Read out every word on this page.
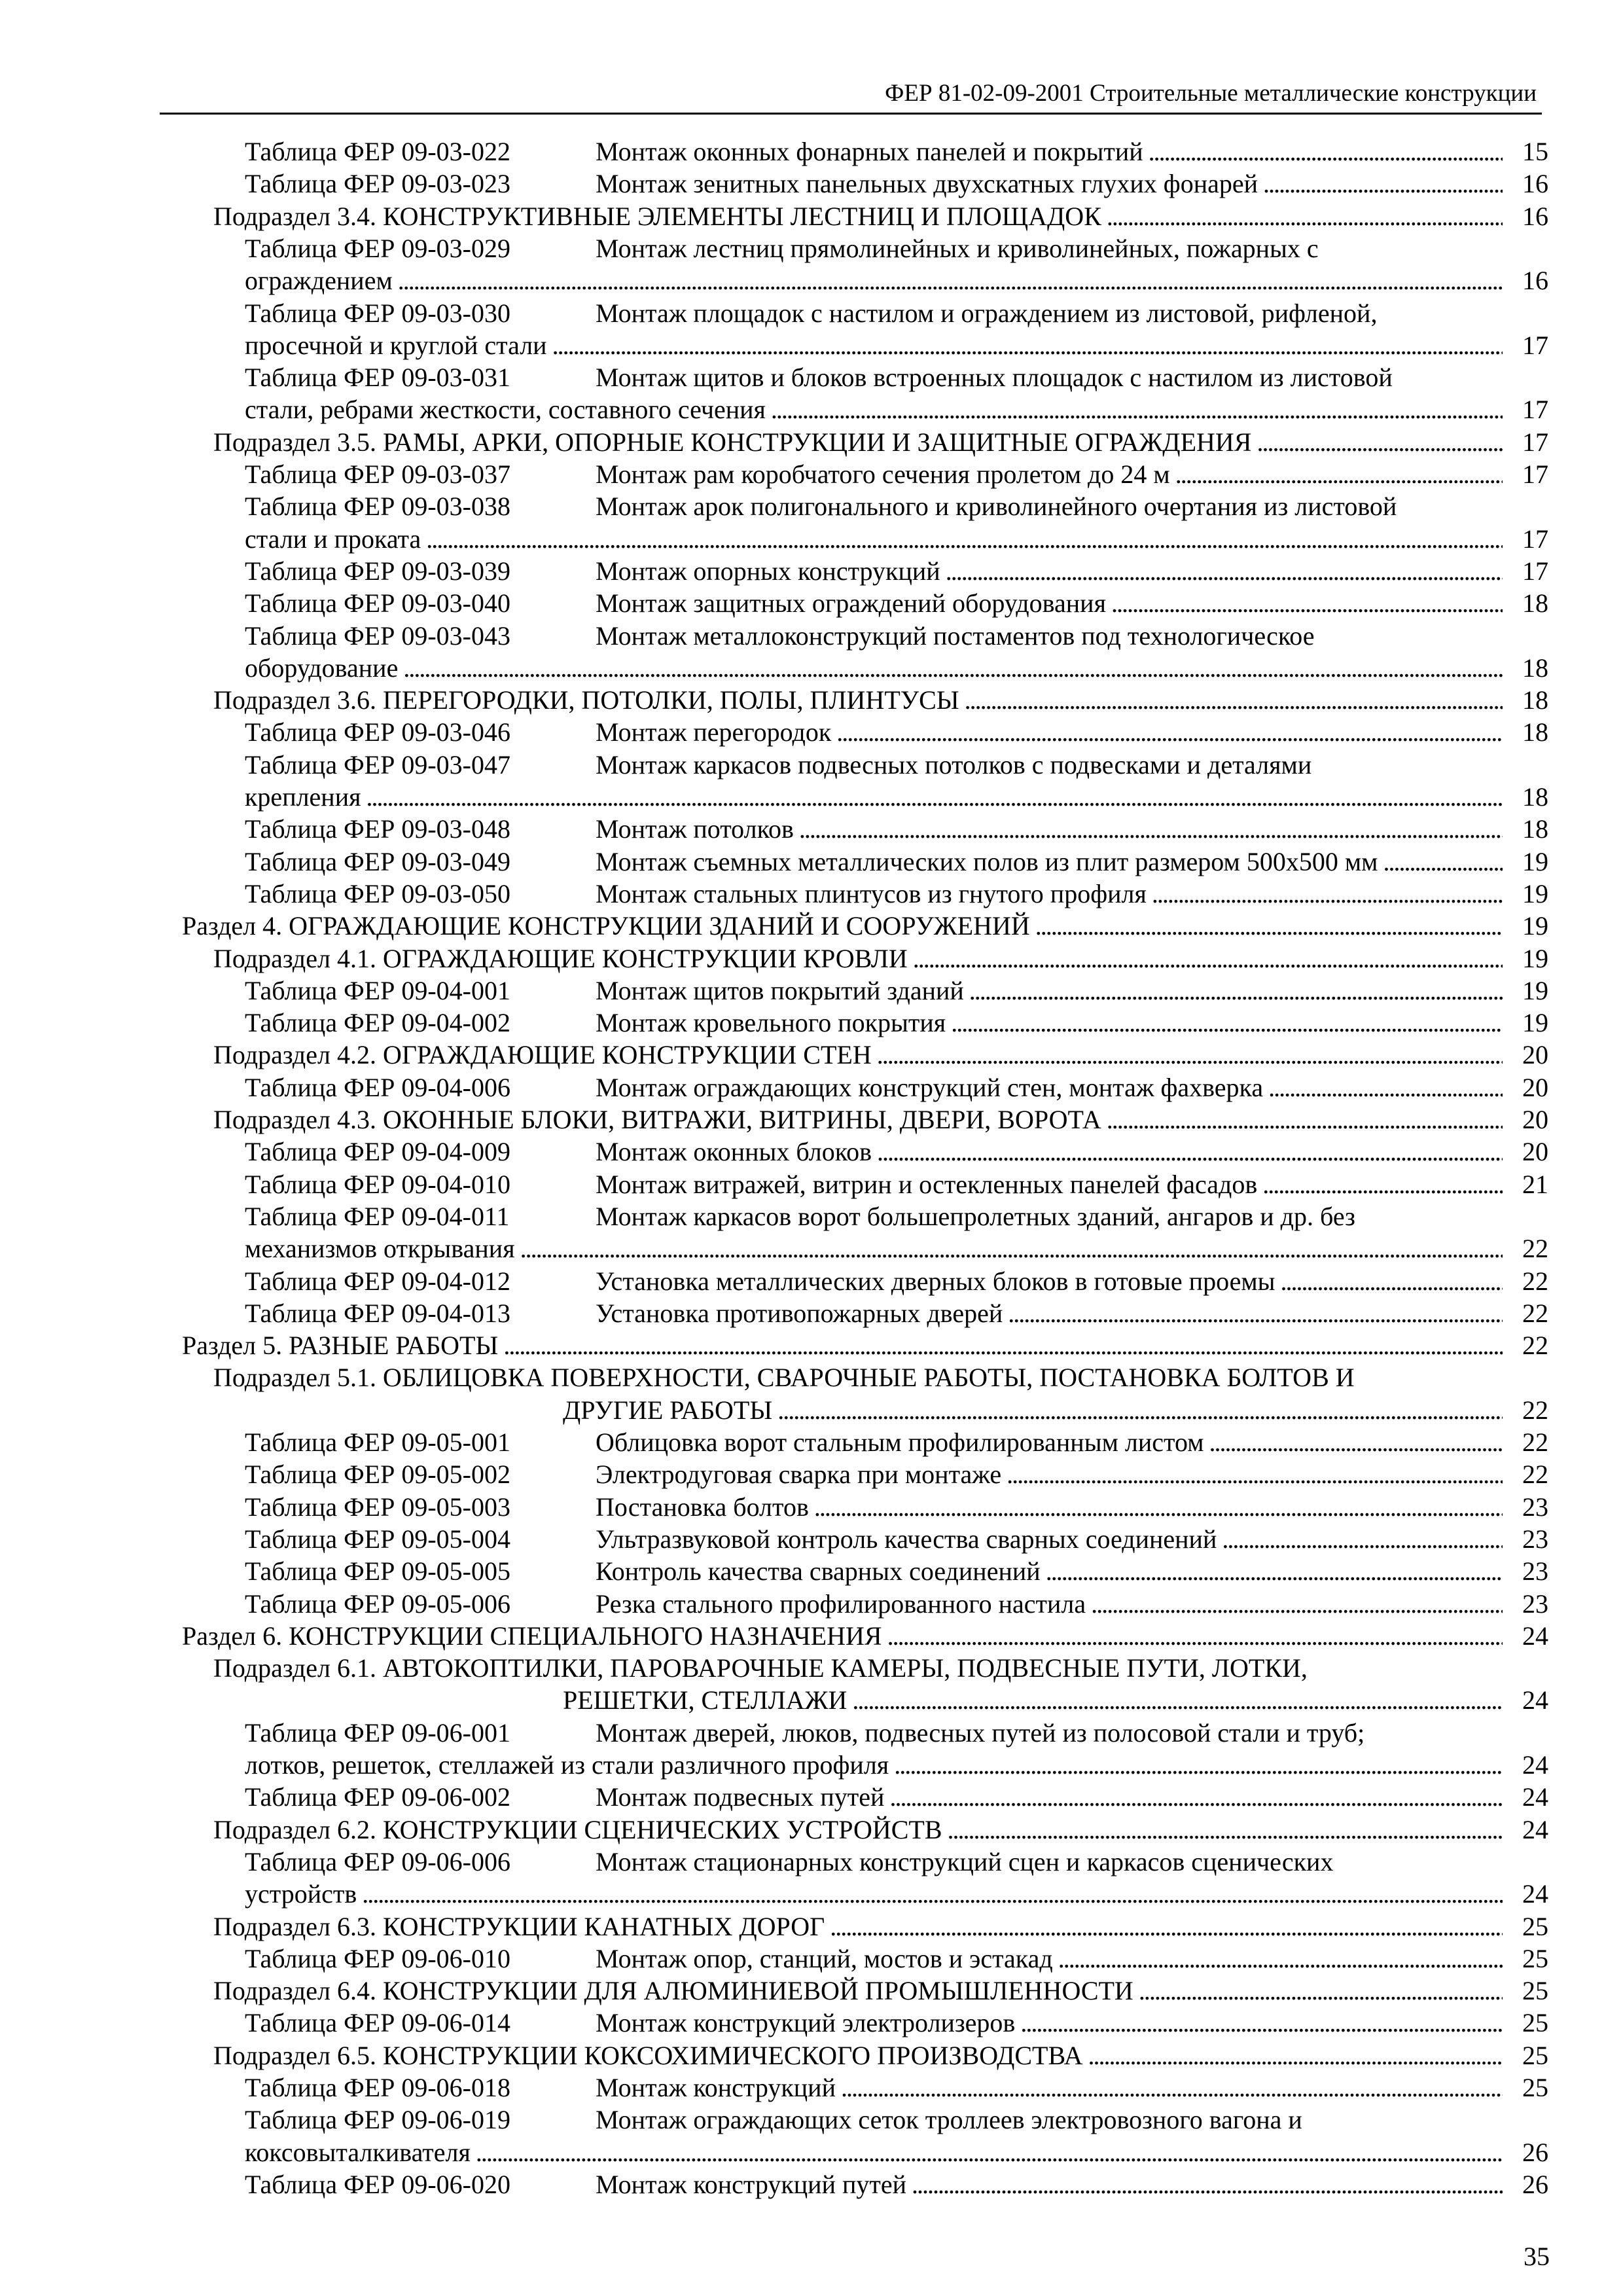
ФЕР 81-02-09-2001 Строительные металлические конструкции
Таблица ФЕР 09-03-022	Монтаж оконных фонарных панелей и покрытий . . .	15
Таблица ФЕР 09-03-023	Монтаж зенитных панельных двухскатных глухих фонарей . . .	16
Подраздел 3.4. КОНСТРУКТИВНЫЕ ЭЛЕМЕНТЫ ЛЕСТНИЦ И ПЛОЩАДОК . . .	16
Таблица ФЕР 09-03-029	Монтаж лестниц прямолинейных и криволинейных, пожарных с
ограждением . . .	16
Таблица ФЕР 09-03-030	Монтаж площадок с настилом и ограждением из листовой, рифленой,
просечной и круглой стали . . .	17
Таблица ФЕР 09-03-031	Монтаж щитов и блоков встроенных площадок с настилом из листовой
стали, ребрами жесткости, составного сечения . . .	17
Подраздел 3.5. РАМЫ, АРКИ, ОПОРНЫЕ КОНСТРУКЦИИ И ЗАЩИТНЫЕ ОГРАЖДЕНИЯ . . .	17
Таблица ФЕР 09-03-037	Монтаж рам коробчатого сечения пролетом до 24 м . . .	17
Таблица ФЕР 09-03-038	Монтаж арок полигонального и криволинейного очертания из листовой
стали и проката . . .	17
Таблица ФЕР 09-03-039	Монтаж опорных конструкций . . .	17
Таблица ФЕР 09-03-040	Монтаж защитных ограждений оборудования . . .	18
Таблица ФЕР 09-03-043	Монтаж металлоконструкций постаментов под технологическое
оборудование . . .	18
Подраздел 3.6. ПЕРЕГОРОДКИ, ПОТОЛКИ, ПОЛЫ, ПЛИНТУСЫ . . .	18
Таблица ФЕР 09-03-046	Монтаж перегородок . . .	18
Таблица ФЕР 09-03-047	Монтаж каркасов подвесных потолков с подвесками и деталями
крепления . . .	18
Таблица ФЕР 09-03-048	Монтаж потолков . . .	18
Таблица ФЕР 09-03-049	Монтаж съемных металлических полов из плит размером 500х500 мм . . .	19
Таблица ФЕР 09-03-050	Монтаж стальных плинтусов из гнутого профиля . . .	19
Раздел 4. ОГРАЖДАЮЩИЕ КОНСТРУКЦИИ ЗДАНИЙ И СООРУЖЕНИЙ . . .	19
Подраздел 4.1. ОГРАЖДАЮЩИЕ КОНСТРУКЦИИ КРОВЛИ . . .	19
Таблица ФЕР 09-04-001	Монтаж щитов покрытий зданий . . .	19
Таблица ФЕР 09-04-002	Монтаж кровельного покрытия . . .	19
Подраздел 4.2. ОГРАЖДАЮЩИЕ КОНСТРУКЦИИ СТЕН . . .	20
Таблица ФЕР 09-04-006	Монтаж ограждающих конструкций стен, монтаж фахверка . . .	20
Подраздел 4.3. ОКОННЫЕ БЛОКИ, ВИТРАЖИ, ВИТРИНЫ, ДВЕРИ, ВОРОТА . . .	20
Таблица ФЕР 09-04-009	Монтаж оконных блоков . . .	20
Таблица ФЕР 09-04-010	Монтаж витражей, витрин и остекленных панелей фасадов . . .	21
Таблица ФЕР 09-04-011	Монтаж каркасов ворот большепролетных зданий, ангаров и др. без
механизмов открывания . . .	22
Таблица ФЕР 09-04-012	Установка металлических дверных блоков в готовые проемы . . .	22
Таблица ФЕР 09-04-013	Установка противопожарных дверей . . .	22
Раздел 5. РАЗНЫЕ РАБОТЫ . . .	22
Подраздел 5.1. ОБЛИЦОВКА ПОВЕРХНОСТИ, СВАРОЧНЫЕ РАБОТЫ, ПОСТАНОВКА БОЛТОВ И
ДРУГИЕ РАБОТЫ . . .	22
Таблица ФЕР 09-05-001	Облицовка ворот стальным профилированным листом . . .	22
Таблица ФЕР 09-05-002	Электродуговая сварка при монтаже . . .	22
Таблица ФЕР 09-05-003	Постановка болтов . . .	23
Таблица ФЕР 09-05-004	Ультразвуковой контроль качества сварных соединений . . .	23
Таблица ФЕР 09-05-005	Контроль качества сварных соединений . . .	23
Таблица ФЕР 09-05-006	Резка стального профилированного настила . . .	23
Раздел 6. КОНСТРУКЦИИ СПЕЦИАЛЬНОГО НАЗНАЧЕНИЯ . . .	24
Подраздел 6.1. АВТОКОПТИЛКИ, ПАРОВАРОЧНЫЕ КАМЕРЫ, ПОДВЕСНЫЕ ПУТИ, ЛОТКИ,
РЕШЕТКИ, СТЕЛЛАЖИ . . .	24
Таблица ФЕР 09-06-001	Монтаж дверей, люков, подвесных путей из полосовой стали и труб;
лотков, решеток, стеллажей из стали различного профиля . . .	24
Таблица ФЕР 09-06-002	Монтаж подвесных путей . . .	24
Подраздел 6.2. КОНСТРУКЦИИ СЦЕНИЧЕСКИХ УСТРОЙСТВ . . .	24
Таблица ФЕР 09-06-006	Монтаж стационарных конструкций сцен и каркасов сценических
устройств . . .	24
Подраздел 6.3. КОНСТРУКЦИИ КАНАТНЫХ ДОРОГ . . .	25
Таблица ФЕР 09-06-010	Монтаж опор, станций, мостов и эстакад . . .	25
Подраздел 6.4. КОНСТРУКЦИИ ДЛЯ АЛЮМИНИЕВОЙ ПРОМЫШЛЕННОСТИ . . .	25
Таблица ФЕР 09-06-014	Монтаж конструкций электролизеров . . .	25
Подраздел 6.5. КОНСТРУКЦИИ КОКСОХИМИЧЕСКОГО ПРОИЗВОДСТВА . . .	25
Таблица ФЕР 09-06-018	Монтаж конструкций . . .	25
Таблица ФЕР 09-06-019	Монтаж ограждающих сеток троллеев электровозного вагона и
коксовыталкивателя . . .	26
Таблица ФЕР 09-06-020	Монтаж конструкций путей . . .	26
35
